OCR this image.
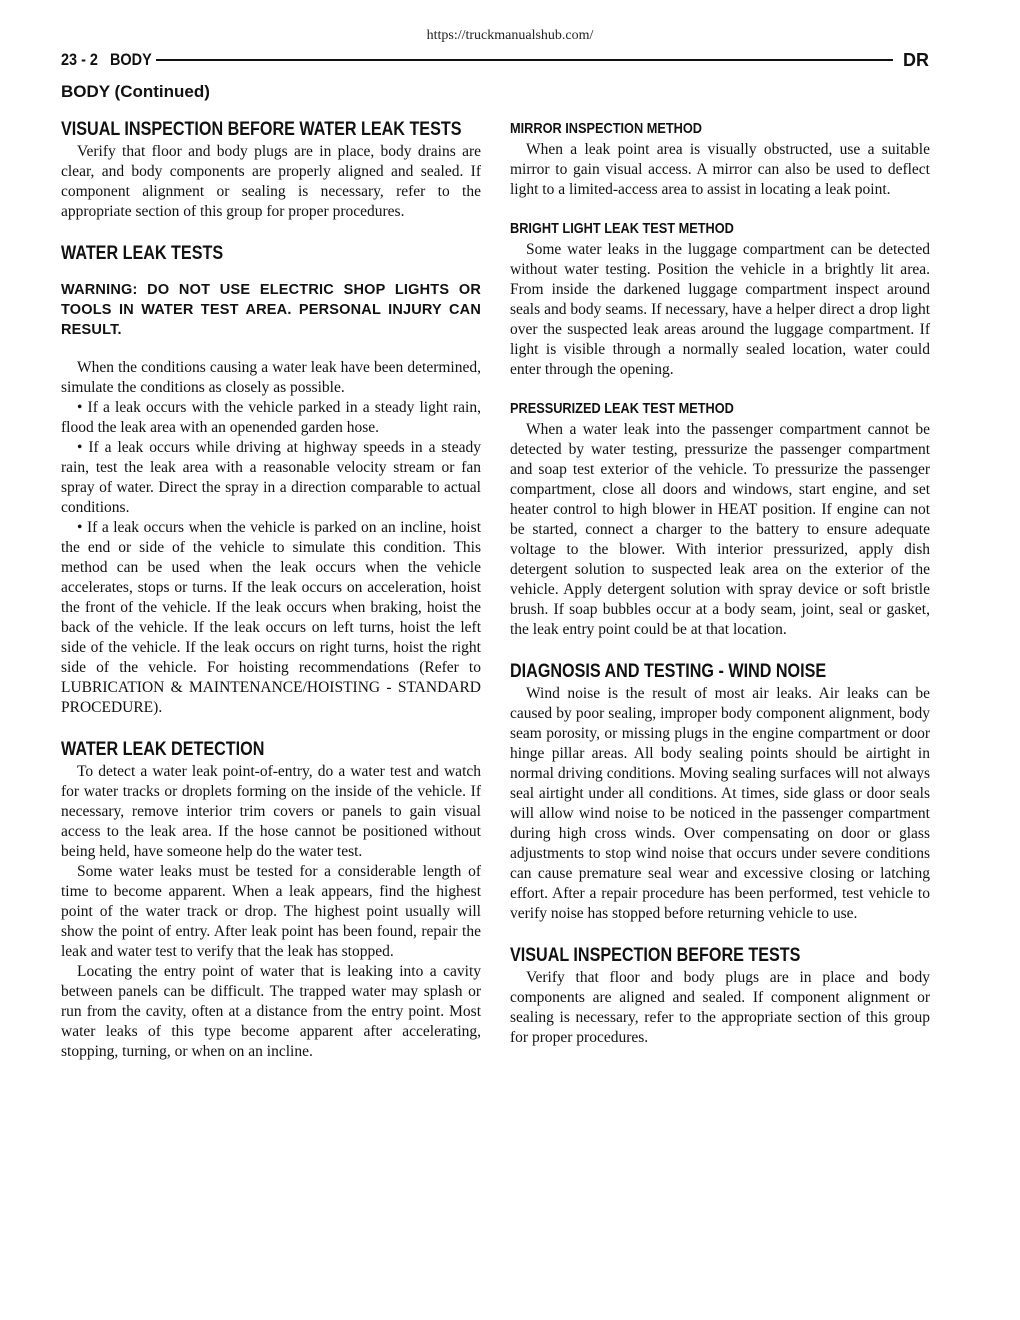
https://truckmanualshub.com/
23 - 2 BODY	DR
BODY (Continued)
VISUAL INSPECTION BEFORE WATER LEAK TESTS

Verify that floor and body plugs are in place, body drains are clear, and body components are properly aligned and sealed. If component alignment or sealing is necessary, refer to the appropriate section of this group for proper procedures.

WATER LEAK TESTS

WARNING: DO NOT USE ELECTRIC SHOP LIGHTS OR TOOLS IN WATER TEST AREA. PERSONAL INJURY CAN RESULT.

When the conditions causing a water leak have been determined, simulate the conditions as closely as possible.

• If a leak occurs with the vehicle parked in a steady light rain, flood the leak area with an openended garden hose.

• If a leak occurs while driving at highway speeds in a steady rain, test the leak area with a reasonable velocity stream or fan spray of water. Direct the spray in a direction comparable to actual conditions.

• If a leak occurs when the vehicle is parked on an incline, hoist the end or side of the vehicle to simulate this condition. This method can be used when the leak occurs when the vehicle accelerates, stops or turns. If the leak occurs on acceleration, hoist the front of the vehicle. If the leak occurs when braking, hoist the back of the vehicle. If the leak occurs on left turns, hoist the left side of the vehicle. If the leak occurs on right turns, hoist the right side of the vehicle. For hoisting recommendations (Refer to LUBRICATION & MAINTENANCE/HOISTING - STANDARD PROCEDURE).

WATER LEAK DETECTION

To detect a water leak point-of-entry, do a water test and watch for water tracks or droplets forming on the inside of the vehicle. If necessary, remove interior trim covers or panels to gain visual access to the leak area. If the hose cannot be positioned without being held, have someone help do the water test.

Some water leaks must be tested for a considerable length of time to become apparent. When a leak appears, find the highest point of the water track or drop. The highest point usually will show the point of entry. After leak point has been found, repair the leak and water test to verify that the leak has stopped.

Locating the entry point of water that is leaking into a cavity between panels can be difficult. The trapped water may splash or run from the cavity, often at a distance from the entry point. Most water leaks of this type become apparent after accelerating, stopping, turning, or when on an incline.

MIRROR INSPECTION METHOD

When a leak point area is visually obstructed, use a suitable mirror to gain visual access. A mirror can also be used to deflect light to a limited-access area to assist in locating a leak point.

BRIGHT LIGHT LEAK TEST METHOD

Some water leaks in the luggage compartment can be detected without water testing. Position the vehicle in a brightly lit area. From inside the darkened luggage compartment inspect around seals and body seams. If necessary, have a helper direct a drop light over the suspected leak areas around the luggage compartment. If light is visible through a normally sealed location, water could enter through the opening.

PRESSURIZED LEAK TEST METHOD

When a water leak into the passenger compartment cannot be detected by water testing, pressurize the passenger compartment and soap test exterior of the vehicle. To pressurize the passenger compartment, close all doors and windows, start engine, and set heater control to high blower in HEAT position. If engine can not be started, connect a charger to the battery to ensure adequate voltage to the blower. With interior pressurized, apply dish detergent solution to suspected leak area on the exterior of the vehicle. Apply detergent solution with spray device or soft bristle brush. If soap bubbles occur at a body seam, joint, seal or gasket, the leak entry point could be at that location.

DIAGNOSIS AND TESTING - WIND NOISE

Wind noise is the result of most air leaks. Air leaks can be caused by poor sealing, improper body component alignment, body seam porosity, or missing plugs in the engine compartment or door hinge pillar areas. All body sealing points should be airtight in normal driving conditions. Moving sealing surfaces will not always seal airtight under all conditions. At times, side glass or door seals will allow wind noise to be noticed in the passenger compartment during high cross winds. Over compensating on door or glass adjustments to stop wind noise that occurs under severe conditions can cause premature seal wear and excessive closing or latching effort. After a repair procedure has been performed, test vehicle to verify noise has stopped before returning vehicle to use.

VISUAL INSPECTION BEFORE TESTS

Verify that floor and body plugs are in place and body components are aligned and sealed. If component alignment or sealing is necessary, refer to the appropriate section of this group for proper procedures.
